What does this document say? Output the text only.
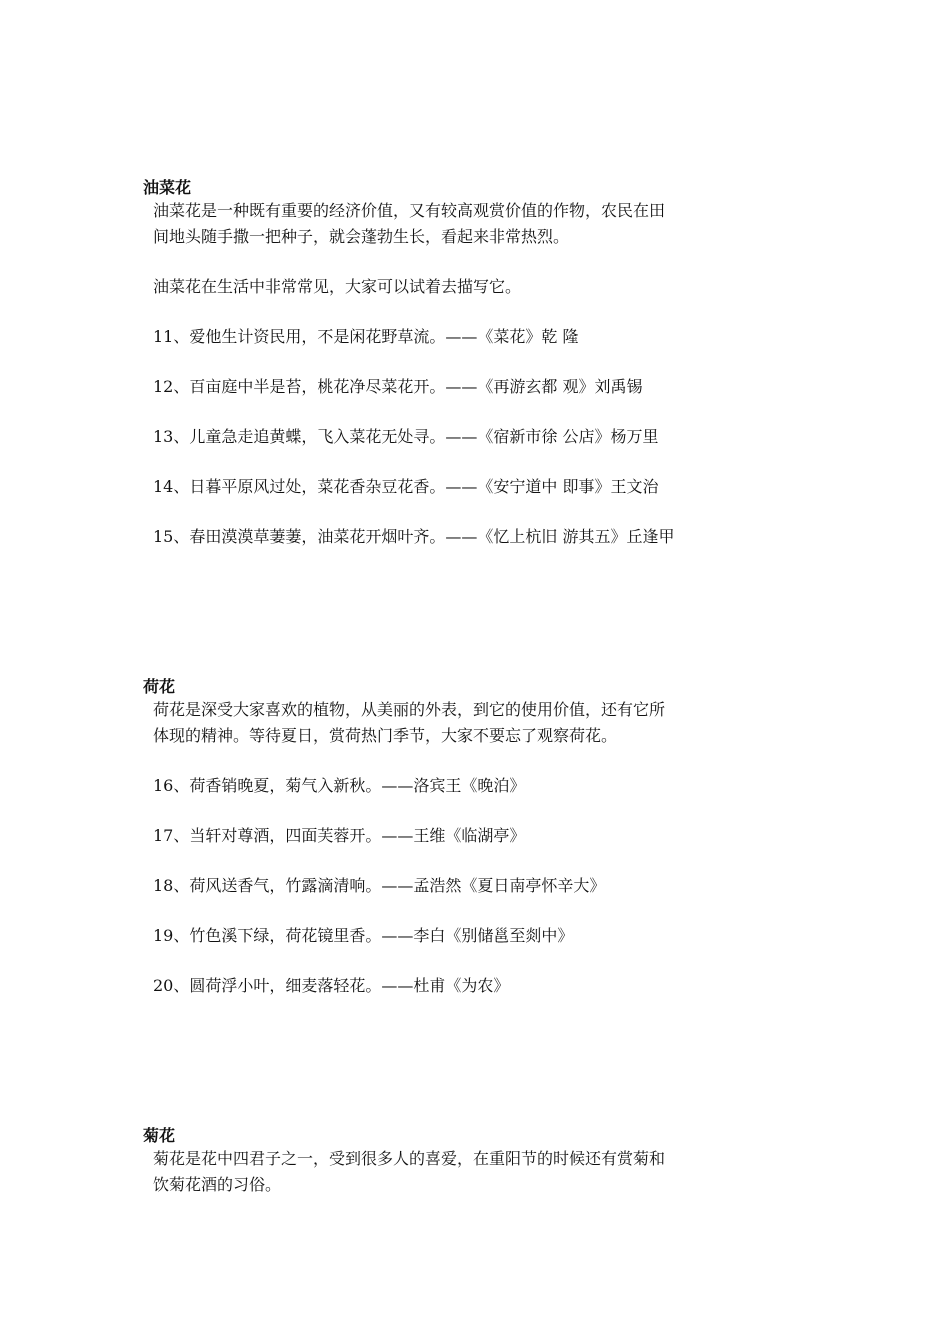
油菜花

油菜花是一种既有重要的经济价值，又有较高观赏价值的作物，农民在田

间地头随手撒一把种子，就会蓬勃生长，看起来非常热烈。

油菜花在生活中非常常见，大家可以试着去描写它。

11、爱他生计资民用，不是闲花野草流。——《菜花》乾 隆

12、百亩庭中半是苔，桃花净尽菜花开。——《再游玄都 观》刘禹锡

13、儿童急走追黄蝶，飞入菜花无处寻。——《宿新市徐 公店》杨万里

14、日暮平原风过处，菜花香杂豆花香。——《安宁道中 即事》王文治

15、春田漠漠草萋萋，油菜花开烟叶齐。——《忆上杭旧 游其五》丘逢甲

荷花

荷花是深受大家喜欢的植物，从美丽的外表，到它的使用价值，还有它所

体现的精神。等待夏日，赏荷热门季节，大家不要忘了观察荷花。

16、荷香销晚夏，菊气入新秋。——洛宾王《晚泊》

17、当轩对尊酒，四面芙蓉开。——王维《临湖亭》

18、荷风送香气，竹露滴清响。——孟浩然《夏日南亭怀辛大》

19、竹色溪下绿，荷花镜里香。——李白《别储邕至剡中》

20、圆荷浮小叶，细麦落轻花。——杜甫《为农》

菊花

菊花是花中四君子之一，受到很多人的喜爱，在重阳节的时候还有赏菊和

饮菊花酒的习俗。
